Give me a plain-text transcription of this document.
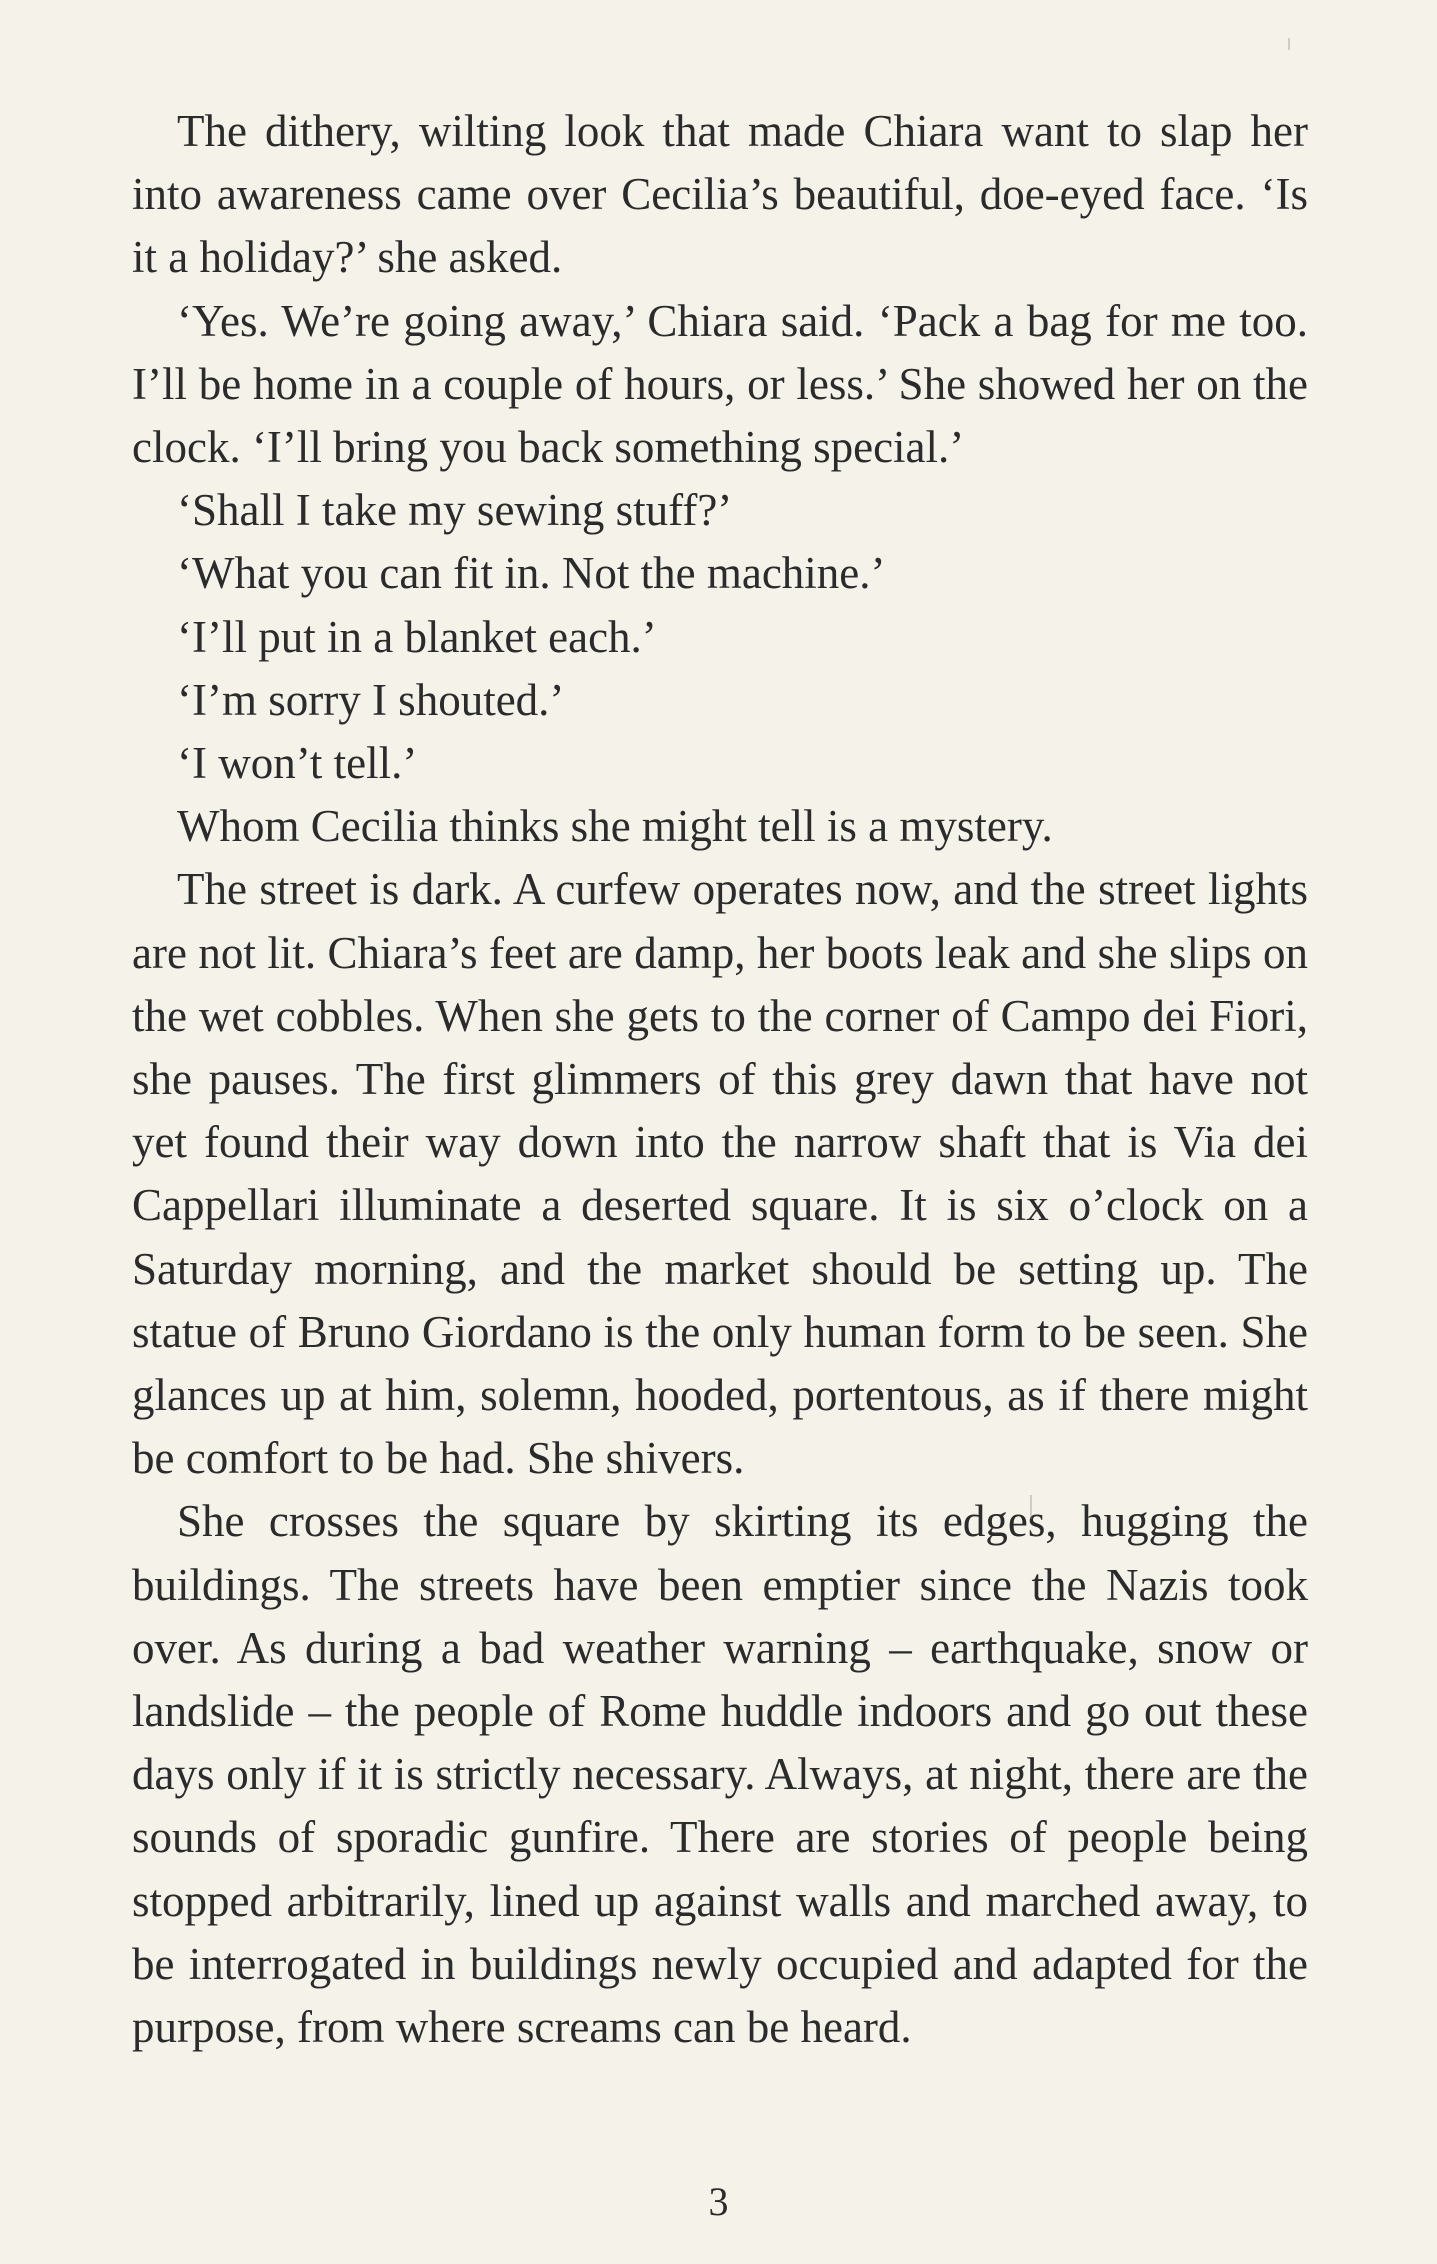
The dithery, wilting look that made Chiara want to slap her into awareness came over Cecilia’s beautiful, doe-eyed face. ‘Is it a holiday?’ she asked.

‘Yes. We’re going away,’ Chiara said. ‘Pack a bag for me too. I’ll be home in a couple of hours, or less.’ She showed her on the clock. ‘I’ll bring you back something special.’

‘Shall I take my sewing stuff?’

‘What you can fit in. Not the machine.’

‘I’ll put in a blanket each.’

‘I’m sorry I shouted.’

‘I won’t tell.’

Whom Cecilia thinks she might tell is a mystery.

The street is dark. A curfew operates now, and the street lights are not lit. Chiara’s feet are damp, her boots leak and she slips on the wet cobbles. When she gets to the corner of Campo dei Fiori, she pauses. The first glimmers of this grey dawn that have not yet found their way down into the narrow shaft that is Via dei Cappellari illuminate a deserted square. It is six o’clock on a Saturday morning, and the market should be setting up. The statue of Bruno Giordano is the only human form to be seen. She glances up at him, solemn, hooded, portentous, as if there might be comfort to be had. She shivers.

She crosses the square by skirting its edges, hugging the buildings. The streets have been emptier since the Nazis took over. As during a bad weather warning – earthquake, snow or landslide – the people of Rome huddle indoors and go out these days only if it is strictly necessary. Always, at night, there are the sounds of sporadic gunfire. There are stories of people being stopped arbitrarily, lined up against walls and marched away, to be interrogated in buildings newly occupied and adapted for the purpose, from where screams can be heard.

3
